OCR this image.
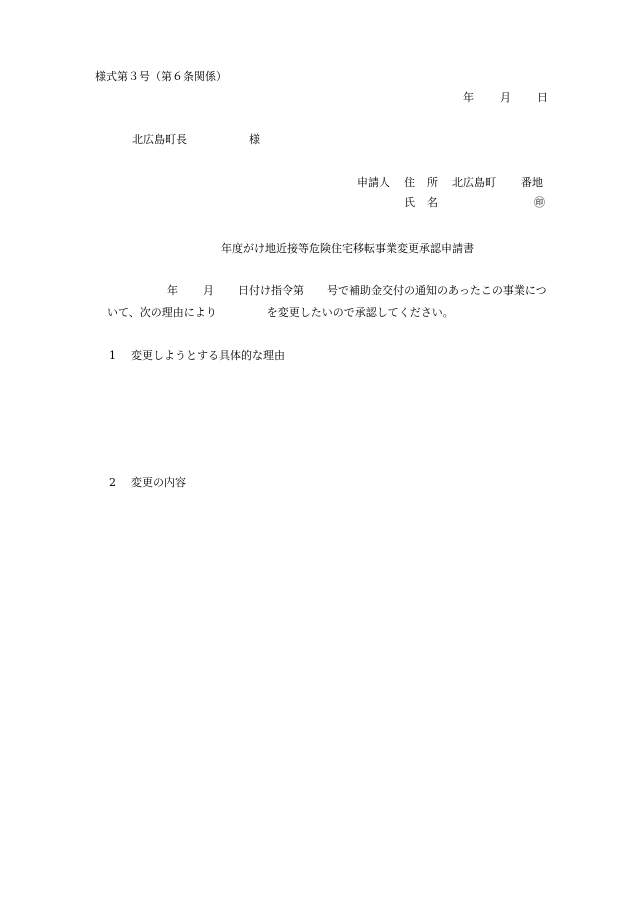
様式第３号（第６条関係）
年 月 日
北広島町長	様
申請人 住 所 北広島町 番地
氏 名	㊞
年度がけ地近接等危険住宅移転事業変更承認申請書
年 月 日付け指令第 号で補助金交付の通知のあったこの事業につ
いて、次の理由により	を変更したいので承認してください。
1 変更しようとする具体的な理由
2 変更の内容
